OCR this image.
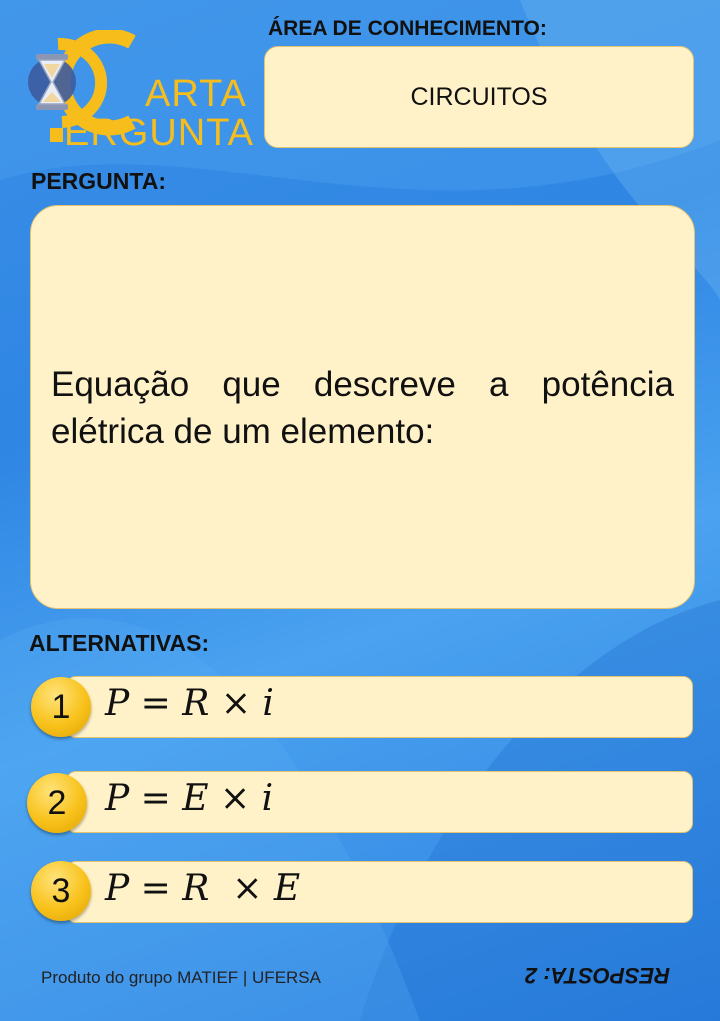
ARTA
ERGUNTA
ÁREA DE CONHECIMENTO:
CIRCUITOS
PERGUNTA:
Equação que descreve a potência elétrica de um elemento:
ALTERNATIVAS:
P = R × i
1
P = E × i
2
P = R  × E
3
Produto do grupo MATIEF | UFERSA	RESPOSTA: 2
